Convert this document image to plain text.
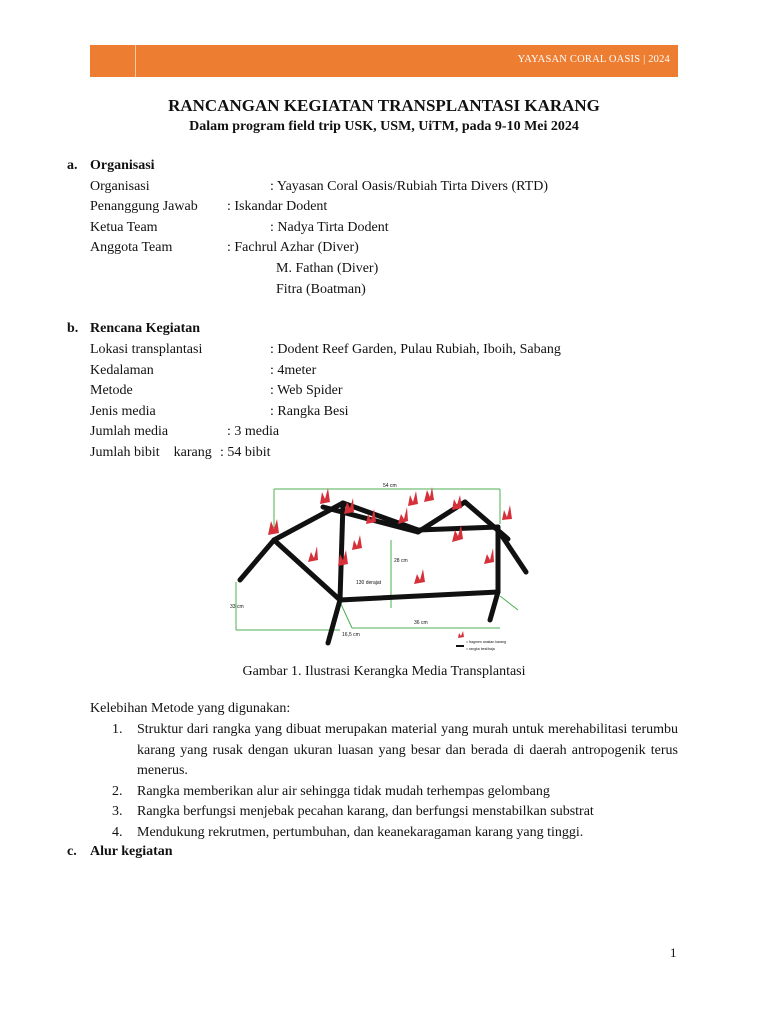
YAYASAN CORAL OASIS | 2024
RANCANGAN KEGIATAN TRANSPLANTASI KARANG
Dalam program field trip USK, USM, UiTM, pada 9-10 Mei 2024
a. Organisasi
Organisasi	: Yayasan Coral Oasis/Rubiah Tirta Divers (RTD)
Penanggung Jawab : Iskandar Dodent
Ketua Team	: Nadya Tirta Dodent
Anggota Team	: Fachrul Azhar (Diver)
M. Fathan (Diver)
Fitra (Boatman)
b. Rencana Kegiatan
Lokasi transplantasi	: Dodent Reef Garden, Pulau Rubiah, Iboih, Sabang
Kedalaman	: 4meter
Metode	: Web Spider
Jenis media	: Rangka Besi
Jumlah media	: 3 media
Jumlah bibit    karang : 54 bibit
54 cm
28 cm
130 derajat
33 cm
16,5 cm
36 cm
= fragmen anakan karang
= rangka besi/baja
Gambar 1. Ilustrasi Kerangka Media Transplantasi
Kelebihan Metode yang digunakan:
1. Struktur dari rangka yang dibuat merupakan material yang murah untuk merehabilitasi terumbu karang yang rusak dengan ukuran luasan yang besar dan berada di daerah antropogenik terus menerus.
2. Rangka memberikan alur air sehingga tidak mudah terhempas gelombang
3. Rangka berfungsi menjebak pecahan karang, dan berfungsi menstabilkan substrat
4. Mendukung rekrutmen, pertumbuhan, dan keanekaragaman karang yang tinggi.
c. Alur kegiatan
1
